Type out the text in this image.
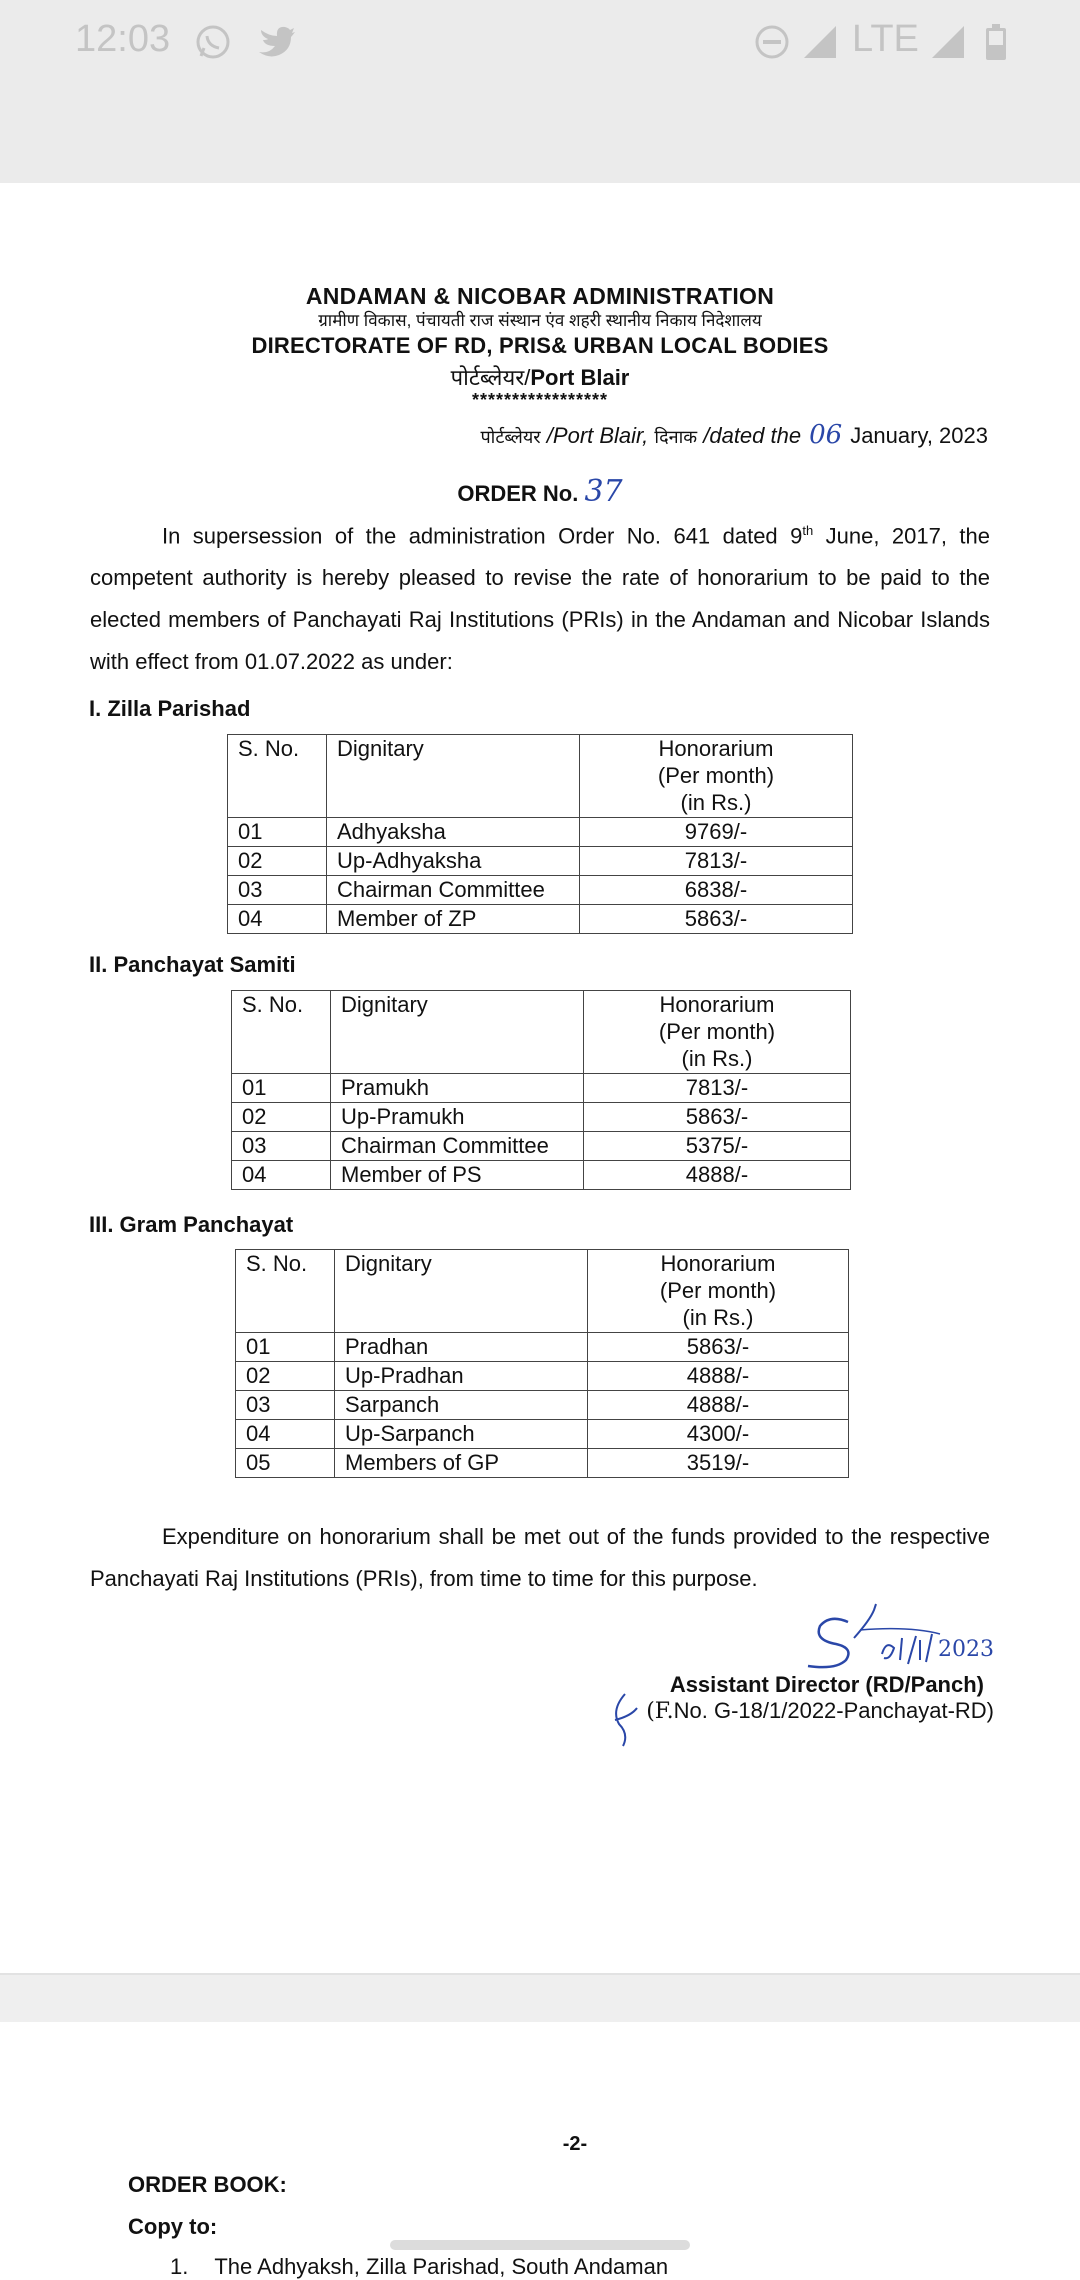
12:03	LTE
ANDAMAN & NICOBAR ADMINISTRATION
ग्रामीण विकास, पंचायती राज संस्थान एंव शहरी स्थानीय निकाय निदेशालय
DIRECTORATE OF RD, PRIS& URBAN LOCAL BODIES
पोर्टब्लेयर/Port Blair
*****************
पोर्टब्लेयर /Port Blair, दिनाक /dated the 06 January, 2023
ORDER No. 37
In supersession of the administration Order No. 641 dated 9th June, 2017, the competent authority is hereby pleased to revise the rate of honorarium to be paid to the elected members of Panchayati Raj Institutions (PRIs) in the Andaman and Nicobar Islands with effect from 01.07.2022 as under:
I. Zilla Parishad
S. No.	Dignitary	Honorarium
(Per month)
(in Rs.)
01	Adhyaksha	9769/-
02	Up-Adhyaksha	7813/-
03	Chairman Committee	6838/-
04	Member of ZP	5863/-
II. Panchayat Samiti
S. No.	Dignitary	Honorarium
(Per month)
(in Rs.)
01	Pramukh	7813/-
02	Up-Pramukh	5863/-
03	Chairman Committee	5375/-
04	Member of PS	4888/-
III. Gram Panchayat
S. No.	Dignitary	Honorarium
(Per month)
(in Rs.)
01	Pradhan	5863/-
02	Up-Pradhan	4888/-
03	Sarpanch	4888/-
04	Up-Sarpanch	4300/-
05	Members of GP	3519/-
Expenditure on honorarium shall be met out of the funds provided to the respective Panchayati Raj Institutions (PRIs), from time to time for this purpose.
2023
Assistant Director (RD/Panch)
(F.No. G-18/1/2022-Panchayat-RD)
-2-
ORDER BOOK:
Copy to:
1. The Adhyaksh, Zilla Parishad, South Andaman
